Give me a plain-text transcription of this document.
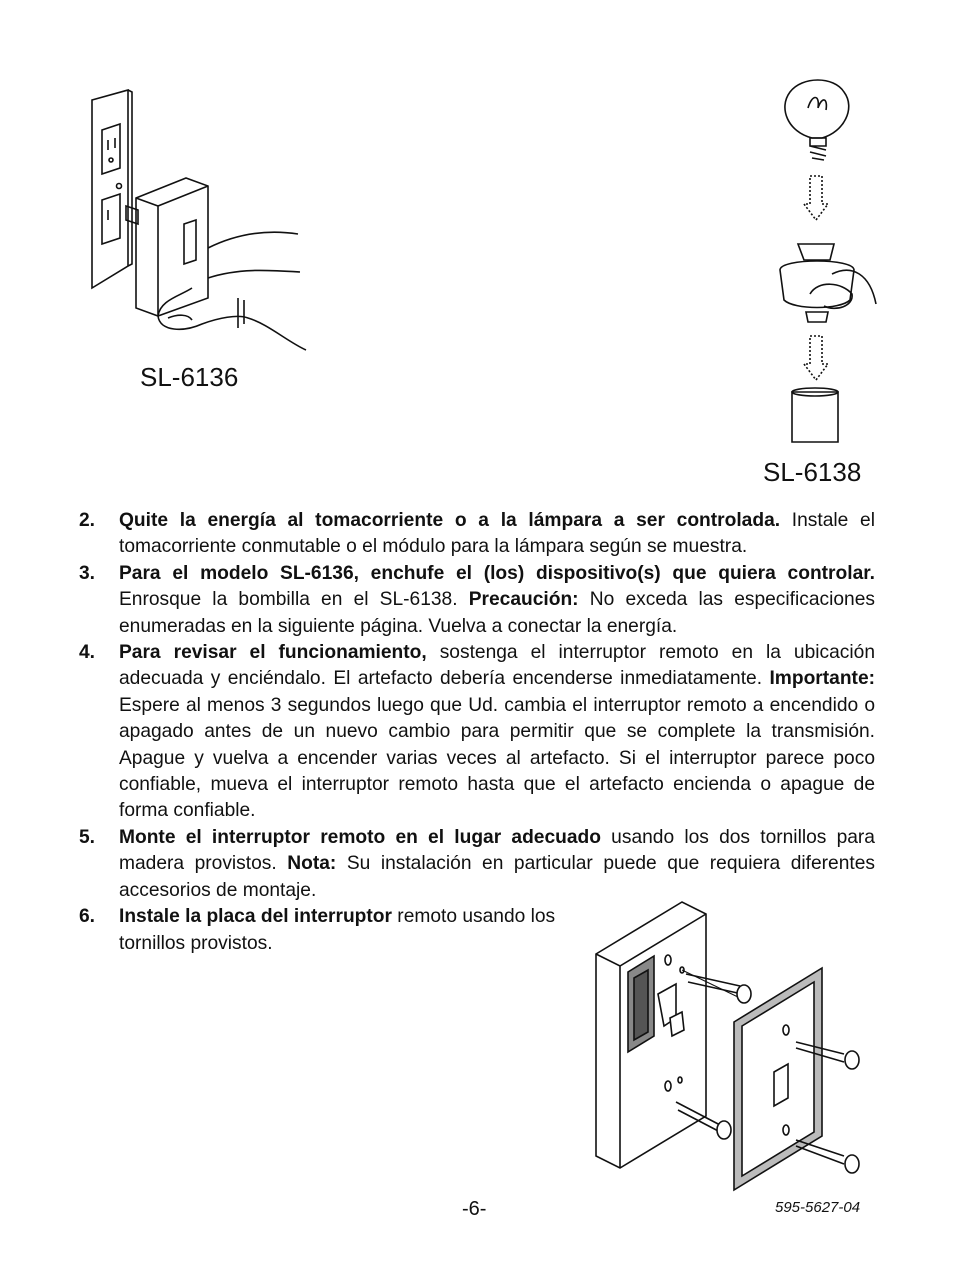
SL-6136
SL-6138
2.	Quite la energía al tomacorriente o a la lámpara a ser controlada. Instale el tomacorriente conmutable o el módulo para la lámpara según se muestra.
3.	Para el modelo SL-6136, enchufe el (los) dispositivo(s) que quiera controlar. Enrosque la bombilla en el SL-6138. Precaución: No exceda las especificaciones enumeradas en la siguiente página. Vuelva a conectar la energía.
4.	Para revisar el funcionamiento, sostenga el interruptor remoto en la ubicación adecuada y enciéndalo. El artefacto debería encenderse inmediatamente. Importante: Espere al menos 3 segundos luego que Ud. cambia el interruptor remoto a encendido o apagado antes de un nuevo cambio para permitir que se complete la transmisión. Apague y vuelva a encender varias veces al artefacto. Si el interruptor parece poco confiable, mueva el interruptor remoto hasta que el artefacto encienda o apague de forma confiable.
5.	Monte el interruptor remoto en el lugar adecuado usando los dos tornillos para madera provistos. Nota: Su instalación en particular puede que requiera diferentes accesorios de montaje.
6.	Instale la placa del interruptor remoto usando los tornillos provistos.
-6-	595-5627-04
